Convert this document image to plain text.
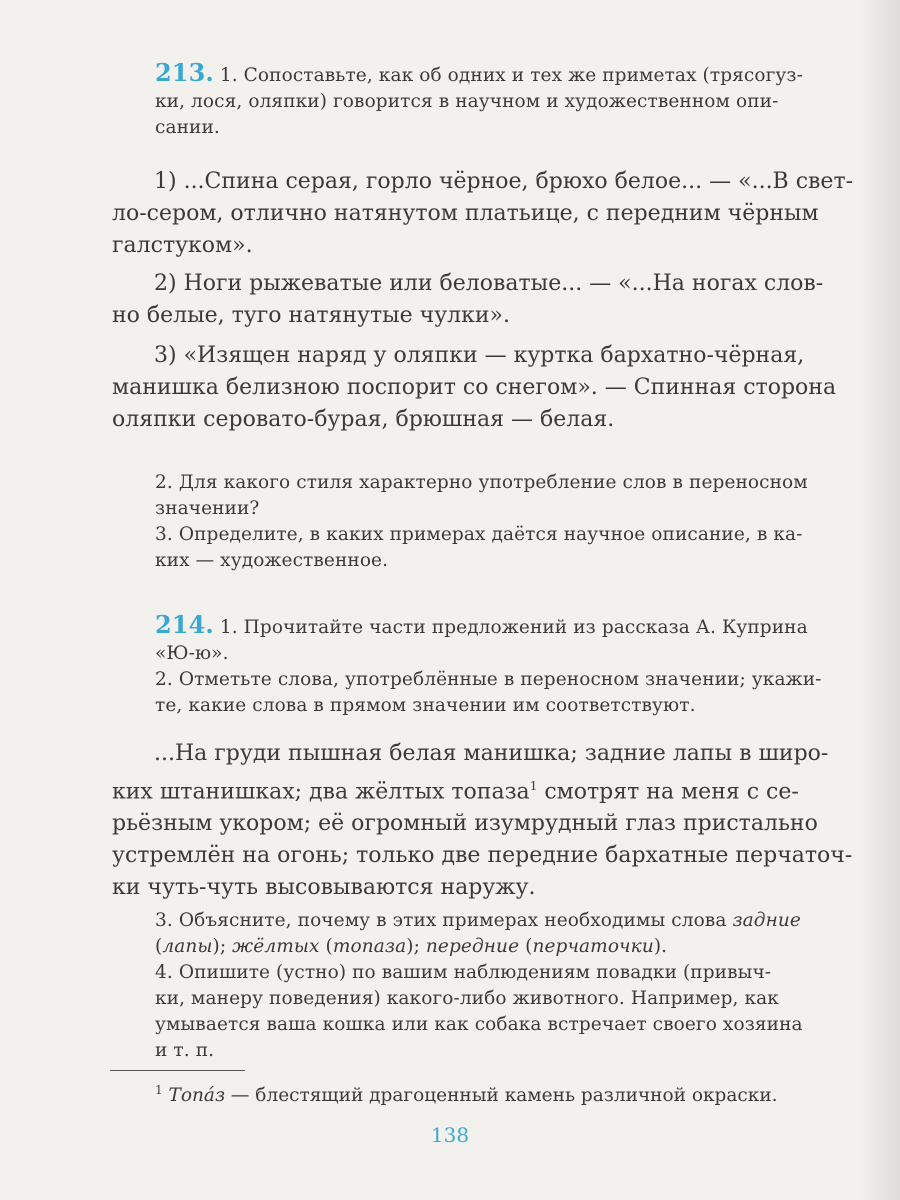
213. 1. Сопоставьте, как об одних и тех же приметах (трясогуз-
ки, лося, оляпки) говорится в научном и художественном опи-
сании.
1) ...Спина серая, горло чёрное, брюхо белое... — «...В свет-
ло-сером, отлично натянутом платьице, с передним чёрным
галстуком».
2) Ноги рыжеватые или беловатые... — «...На ногах слов-
но белые, туго натянутые чулки».
3) «Изящен наряд у оляпки — куртка бархатно-чёрная,
манишка белизною поспорит со снегом». — Спинная сторона
оляпки серовато-бурая, брюшная — белая.
2. Для какого стиля характерно употребление слов в переносном
значении?
3. Определите, в каких примерах даётся научное описание, в ка-
ких — художественное.
214. 1. Прочитайте части предложений из рассказа А. Куприна
«Ю-ю».
2. Отметьте слова, употреблённые в переносном значении; укажи-
те, какие слова в прямом значении им соответствуют.
...На груди пышная белая манишка; задние лапы в широ-
ких штанишках; два жёлтых топаза$^1$ смотрят на меня с се-
рьёзным укором; её огромный изумрудный глаз пристально
устремлён на огонь; только две передние бархатные перчаточ-
ки чуть-чуть высовываются наружу.
3. Объясните, почему в этих примерах необходимы слова задние
(лапы); жёлтых (топаза); передние (перчаточки).
4. Опишите (устно) по вашим наблюдениям повадки (привыч-
ки, манеру поведения) какого-либо животного. Например, как
умывается ваша кошка или как собака встречает своего хозяина
и т. п.
$^1$ Топáз — блестящий драгоценный камень различной окраски.
138
